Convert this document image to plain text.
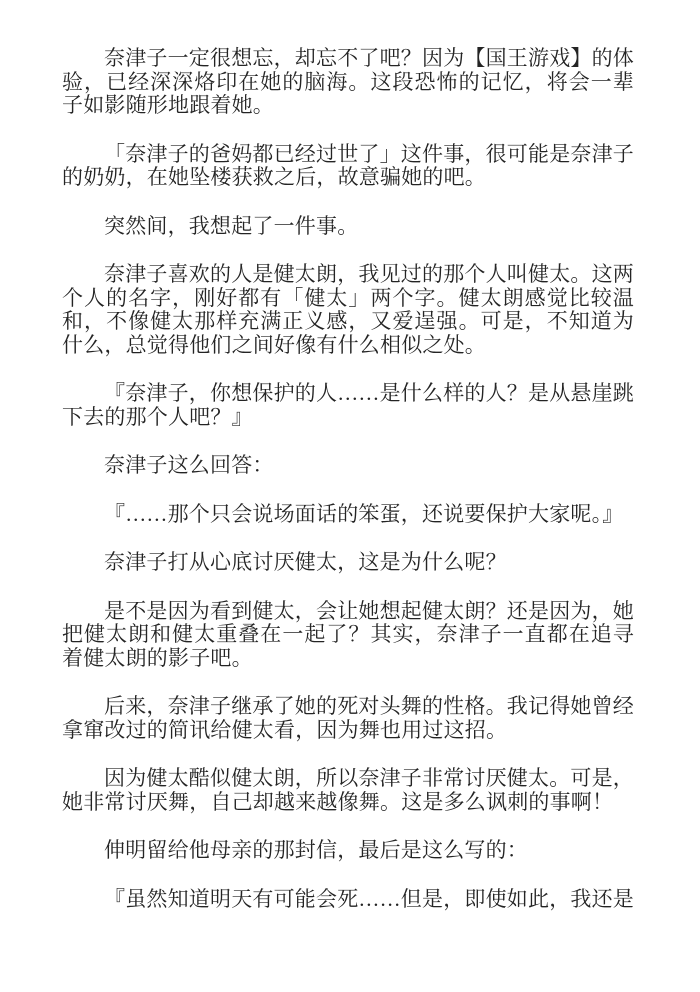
奈津子一定很想忘，却忘不了吧？因为【国王游戏】的体验，已经深深烙印在她的脑海。这段恐怖的记忆，将会一辈子如影随形地跟着她。

「奈津子的爸妈都已经过世了」这件事，很可能是奈津子的奶奶，在她坠楼获救之后，故意骗她的吧。

突然间，我想起了一件事。

奈津子喜欢的人是健太朗，我见过的那个人叫健太。这两个人的名字，刚好都有「健太」两个字。健太朗感觉比较温和，不像健太那样充满正义感，又爱逞强。可是，不知道为什么，总觉得他们之间好像有什么相似之处。

『奈津子，你想保护的人……是什么样的人？是从悬崖跳下去的那个人吧？』

奈津子这么回答：

『……那个只会说场面话的笨蛋，还说要保护大家呢。』

奈津子打从心底讨厌健太，这是为什么呢？

是不是因为看到健太，会让她想起健太朗？还是因为，她把健太朗和健太重叠在一起了？其实，奈津子一直都在追寻着健太朗的影子吧。

后来，奈津子继承了她的死对头舞的性格。我记得她曾经拿窜改过的简讯给健太看，因为舞也用过这招。

因为健太酷似健太朗，所以奈津子非常讨厌健太。可是，她非常讨厌舞，自己却越来越像舞。这是多么讽刺的事啊！

伸明留给他母亲的那封信，最后是这么写的：

『虽然知道明天有可能会死……但是，即使如此，我还是
